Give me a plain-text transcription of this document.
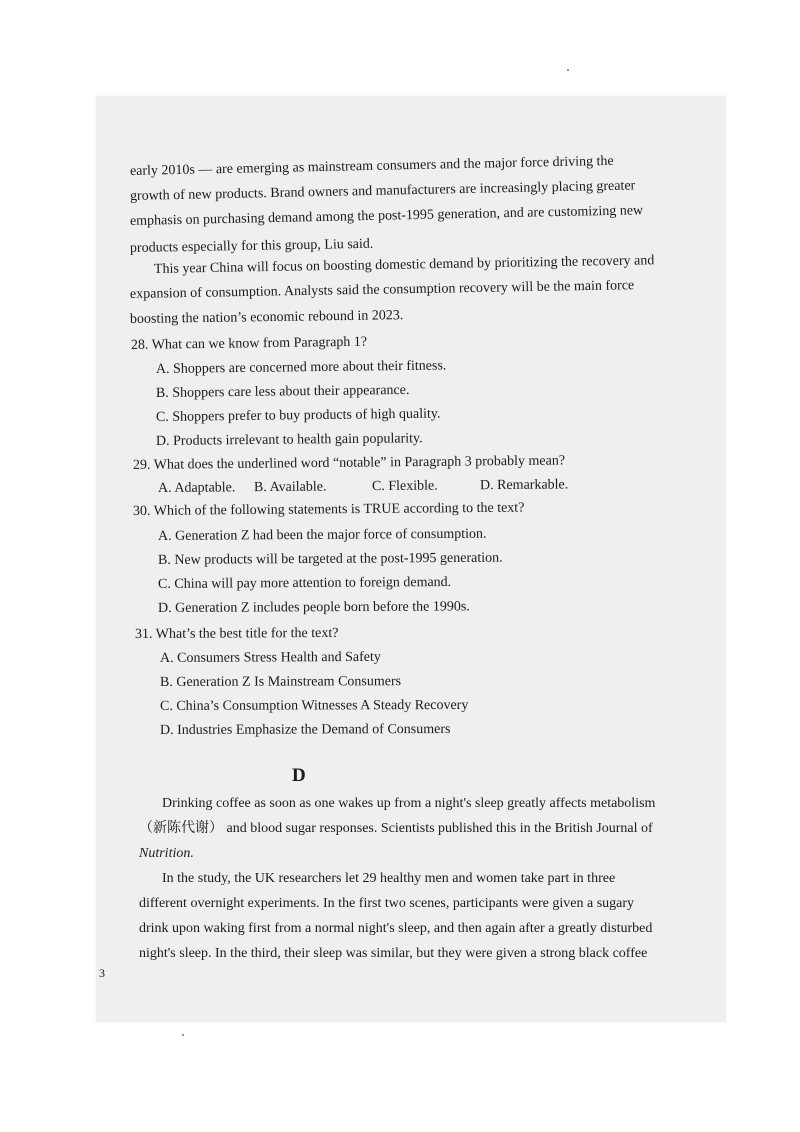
early 2010s — are emerging as mainstream consumers and the major force driving the
growth of new products. Brand owners and manufacturers are increasingly placing greater
emphasis on purchasing demand among the post-1995 generation, and are customizing new
products especially for this group, Liu said.
This year China will focus on boosting domestic demand by prioritizing the recovery and
expansion of consumption. Analysts said the consumption recovery will be the main force
boosting the nation’s economic rebound in 2023.
28. What can we know from Paragraph 1?
A. Shoppers are concerned more about their fitness.
B. Shoppers care less about their appearance.
C. Shoppers prefer to buy products of high quality.
D. Products irrelevant to health gain popularity.
29. What does the underlined word “notable” in Paragraph 3 probably mean?
A. Adaptable. B. Available.	C. Flexible.	D. Remarkable.
30. Which of the following statements is TRUE according to the text?
A. Generation Z had been the major force of consumption.
B. New products will be targeted at the post-1995 generation.
C. China will pay more attention to foreign demand.
D. Generation Z includes people born before the 1990s.
31. What’s the best title for the text?
A. Consumers Stress Health and Safety
B. Generation Z Is Mainstream Consumers
C. China’s Consumption Witnesses A Steady Recovery
D. Industries Emphasize the Demand of Consumers
D
Drinking coffee as soon as one wakes up from a night's sleep greatly affects metabolism
（新陈代谢） and blood sugar responses. Scientists published this in the British Journal of
Nutrition.
In the study, the UK researchers let 29 healthy men and women take part in three
different overnight experiments. In the first two scenes, participants were given a sugary
drink upon waking first from a normal night's sleep, and then again after a greatly disturbed
night's sleep. In the third, their sleep was similar, but they were given a strong black coffee
3
